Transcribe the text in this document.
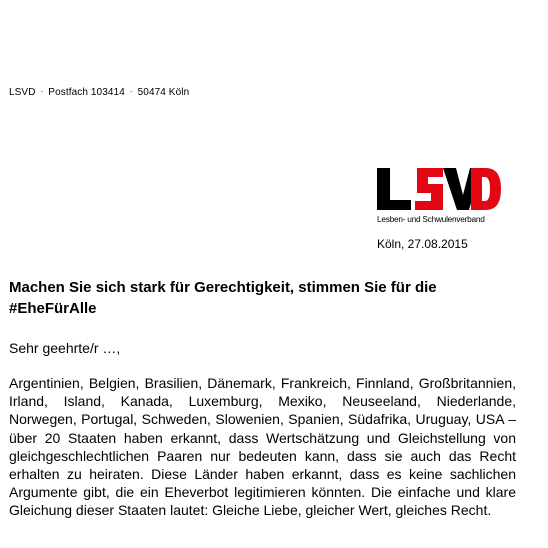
LSVD · Postfach 103414 · 50474 Köln
Lesben- und Schwulenverband
Köln, 27.08.2015
Machen Sie sich stark für Gerechtigkeit, stimmen Sie für die #EheFürAlle
Sehr geehrte/r …,
Argentinien, Belgien, Brasilien, Dänemark, Frankreich, Finnland, Großbritannien, Irland, Island, Kanada, Luxemburg, Mexiko, Neuseeland, Niederlande, Norwegen, Portugal, Schweden, Slowenien, Spanien, Südafrika, Uruguay, USA – über 20 Staaten haben erkannt, dass Wertschätzung und Gleichstellung von gleichgeschlechtlichen Paaren nur bedeuten kann, dass sie auch das Recht erhalten zu heiraten. Diese Länder haben erkannt, dass es keine sachlichen Argumente gibt, die ein Eheverbot legitimieren könnten. Die einfache und klare Gleichung dieser Staaten lautet: Gleiche Liebe, gleicher Wert, gleiches Recht.
